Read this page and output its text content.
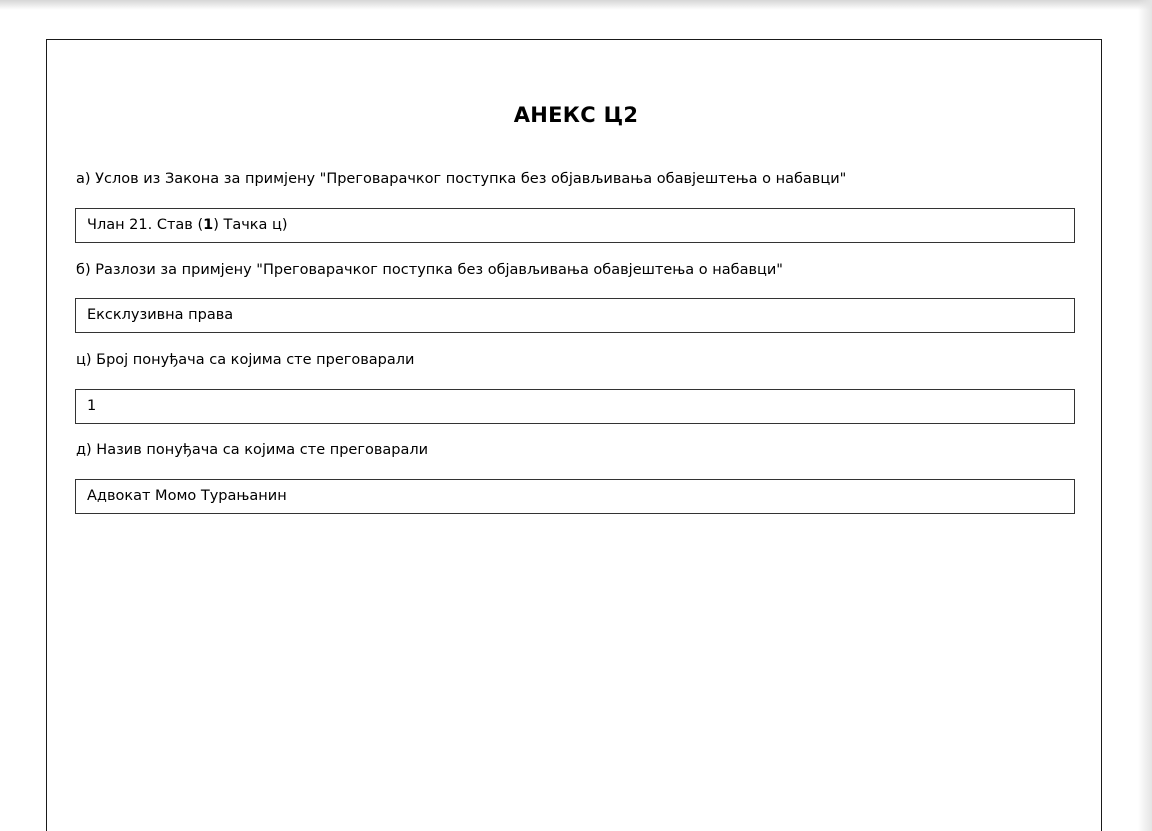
АНЕКС Ц2

а) Услов из Закона за примјену "Преговарачког поступка без објављивања обавјештења о набавци"

Члан 21. Став (1) Тачка ц)

б) Разлози за примјену "Преговарачког поступка без објављивања обавјештења о набавци"

Ексклузивна права

ц) Број понуђача са којима сте преговарали

1

д) Назив понуђача са којима сте преговарали

Адвокат Момо Турањанин
